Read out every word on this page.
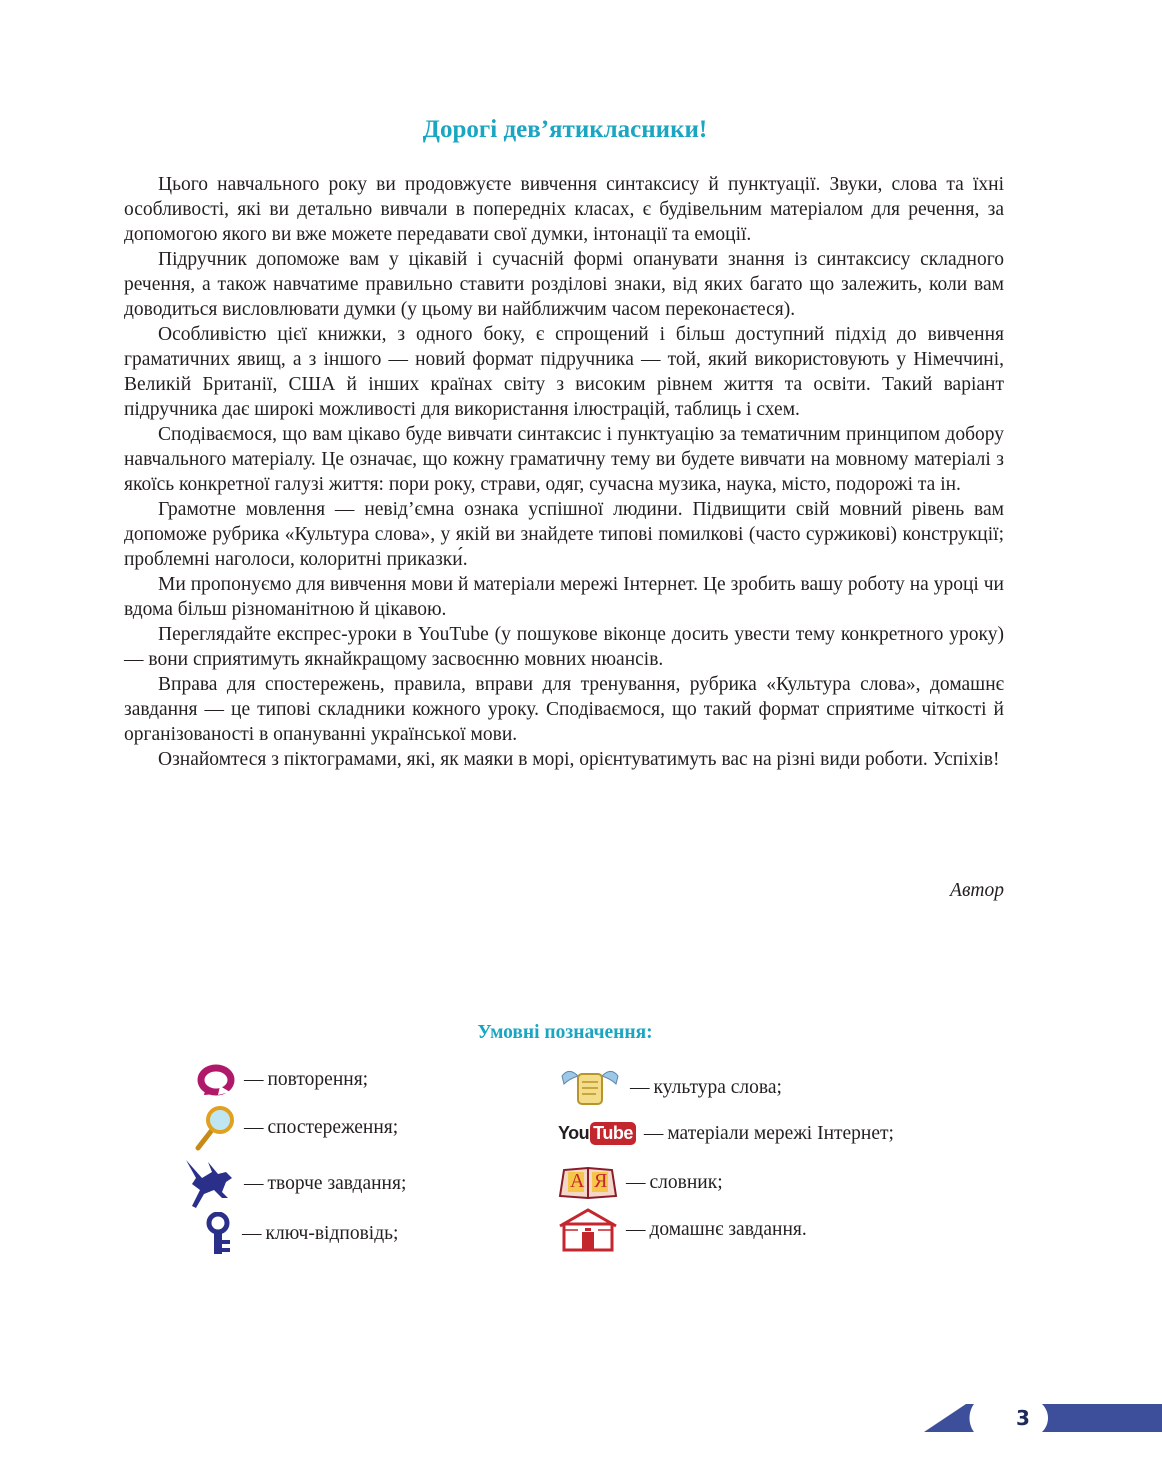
Дорогі дев’ятикласники!

Цього навчального року ви продовжуєте вивчення синтаксису й пунктуації. Звуки, слова та їхні особливості, які ви детально вивчали в попередніх класах, є будівельним матеріалом для речення, за допомогою якого ви вже можете передавати свої думки, інтонації та емоції.

Підручник допоможе вам у цікавій і сучасній формі опанувати знання із синтаксису складного речення, а також навчатиме правильно ставити розділові знаки, від яких багато що залежить, коли вам доводиться висловлювати думки (у цьому ви найближчим часом переконаєтеся).

Особливістю цієї книжки, з одного боку, є спрощений і більш доступний підхід до вивчення граматичних явищ, а з іншого — новий формат підручника — той, який використовують у Німеччині, Великій Британії, США й інших країнах світу з високим рівнем життя та освіти. Такий варіант підручника дає широкі можливості для використання ілюстрацій, таблиць і схем.

Сподіваємося, що вам цікаво буде вивчати синтаксис і пунктуацію за тематичним принципом добору навчального матеріалу. Це означає, що кожну граматичну тему ви будете вивчати на мовному матеріалі з якоїсь конкретної галузі життя: пори року, страви, одяг, сучасна музика, наука, місто, подорожі та ін.

Грамотне мовлення — невід’ємна ознака успішної людини. Підвищити свій мовний рівень вам допоможе рубрика «Культура слова», у якій ви знайдете типові помилкові (часто суржикові) конструкції; проблемні наголоси, колоритні приказки́.

Ми пропонуємо для вивчення мови й матеріали мережі Інтернет. Це зробить вашу роботу на уроці чи вдома більш різноманітною й цікавою.

Переглядайте експрес-уроки в YouTube (у пошукове віконце досить увести тему конкретного уроку) — вони сприятимуть якнайкращому засвоєнню мовних нюансів.

Вправа для спостережень, правила, вправи для тренування, рубрика «Культура слова», домашнє завдання — це типові складники кожного уроку. Сподіваємося, що такий формат сприятиме чіткості й організованості в опануванні української мови.

Ознайомтеся з піктограмами, які, як маяки в морі, орієнтуватимуть вас на різні види роботи. Успіхів!

Автор
Умовні позначення:
— повторення;
— спостереження;
— творче завдання;
— ключ-відповідь;
— культура слова;
You Tube — матеріали мережі Інтернет;
А Я — словник;
— домашнє завдання.
3
